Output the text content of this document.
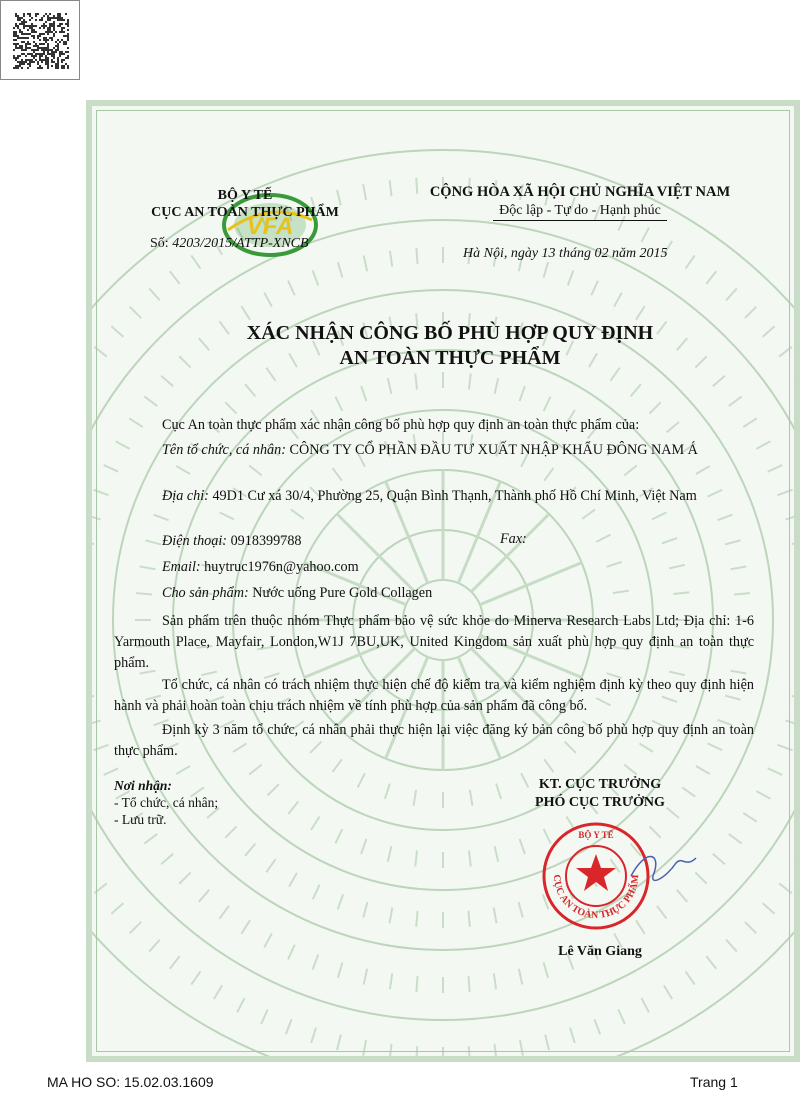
VFA
BỘ Y TẾ
CỤC AN TOÀN THỰC PHẨM
Số: 4203/2015/ATTP-XNCB
CỘNG HÒA XÃ HỘI CHỦ NGHĨA VIỆT NAM
Độc lập - Tự do - Hạnh phúc
Hà Nội, ngày 13 tháng 02 năm 2015
XÁC NHẬN CÔNG BỐ PHÙ HỢP QUY ĐỊNH
AN TOÀN THỰC PHẨM
Cục An toàn thực phẩm xác nhận công bố phù hợp quy định an toàn thực phẩm của:
Tên tổ chức, cá nhân: CÔNG TY CỔ PHẦN ĐẦU TƯ XUẤT NHẬP KHẨU ĐÔNG NAM Á
Địa chỉ: 49D1 Cư xá 30/4, Phường 25, Quận Bình Thạnh, Thành phố Hồ Chí Minh, Việt Nam
Điện thoại: 0918399788	Fax:
Email: huytruc1976n@yahoo.com
Cho sản phẩm: Nước uống Pure Gold Collagen
Sản phẩm trên thuộc nhóm Thực phẩm bảo vệ sức khỏe do Minerva Research Labs Ltd; Địa chỉ: 1-6 Yarmouth Place, Mayfair, London,W1J 7BU,UK, United Kingdom sản xuất phù hợp quy định an toàn thực phẩm.
Tổ chức, cá nhân có trách nhiệm thực hiện chế độ kiểm tra và kiểm nghiệm định kỳ theo quy định hiện hành và phải hoàn toàn chịu trách nhiệm về tính phù hợp của sản phẩm đã công bố.
Định kỳ 3 năm tổ chức, cá nhân phải thực hiện lại việc đăng ký bản công bố phù hợp quy định an toàn thực phẩm.
Nơi nhận:
- Tổ chức, cá nhân;
- Lưu trữ.
KT. CỤC TRƯỞNG
PHÓ CỤC TRƯỞNG
CỤC AN TOÀN THỰC PHẨM
BỘ Y TẾ
Lê Văn Giang
MA HO SO: 15.02.03.1609	Trang 1
